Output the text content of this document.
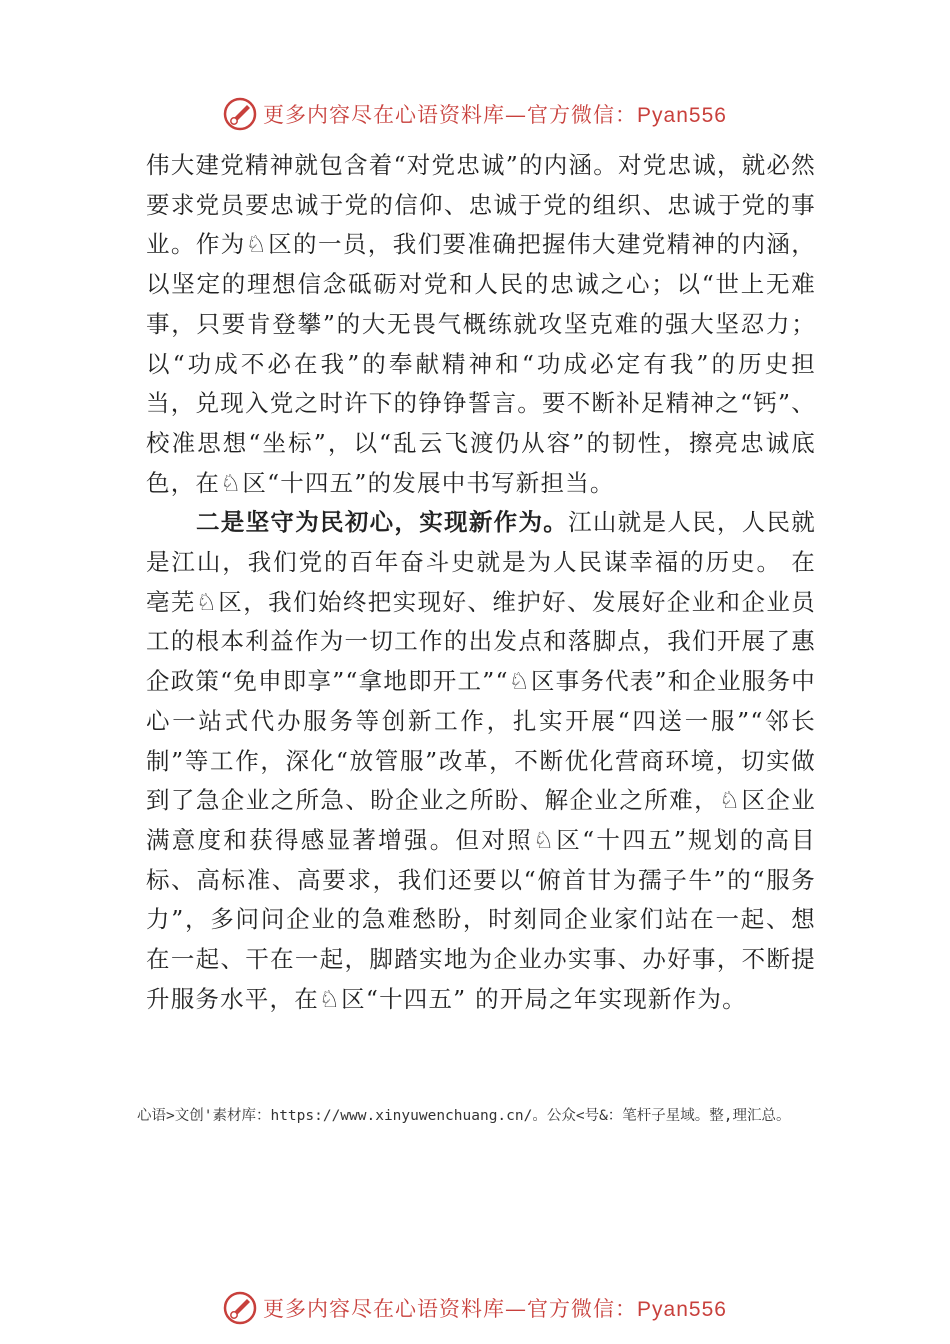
更多内容尽在心语资料库—官方微信：Pyan556

伟大建党精神就包含着“对党忠诚”的内涵。对党忠诚，就必然要求党员要忠诚于党的信仰、忠诚于党的组织、忠诚于党的事业。作为♘区的一员，我们要准确把握伟大建党精神的内涵，以坚定的理想信念砥砺对党和人民的忠诚之心；以“世上无难事，只要肯登攀”的大无畏气概练就攻坚克难的强大坚忍力；以“功成不必在我”的奉献精神和“功成必定有我”的历史担当，兑现入党之时许下的铮铮誓言。要不断补足精神之“钙”、校准思想“坐标”，以“乱云飞渡仍从容”的韧性，擦亮忠诚底色，在♘区“十四五”的发展中书写新担当。

二是坚守为民初心，实现新作为。江山就是人民，人民就是江山，我们党的百年奋斗史就是为人民谋幸福的历史。 在亳芜♘区，我们始终把实现好、维护好、发展好企业和企业员工的根本利益作为一切工作的出发点和落脚点，我们开展了惠企政策“免申即享”“拿地即开工”“♘区事务代表”和企业服务中心一站式代办服务等创新工作，扎实开展“四送一服”“邻长制”等工作，深化“放管服”改革，不断优化营商环境，切实做到了急企业之所急、盼企业之所盼、解企业之所难，♘区企业满意度和获得感显著增强。但对照♘区“十四五”规划的高目标、高标准、高要求，我们还要以“俯首甘为孺子牛”的“服务力”，多问问企业的急难愁盼，时刻同企业家们站在一起、想在一起、干在一起，脚踏实地为企业办实事、办好事，不断提升服务水平，在♘区“十四五” 的开局之年实现新作为。

心语>文创'素材库：https://www.xinyuwenchuang.cn/。公众<号&：笔杆子星域。整,理汇总。
更多内容尽在心语资料库—官方微信：Pyan556
